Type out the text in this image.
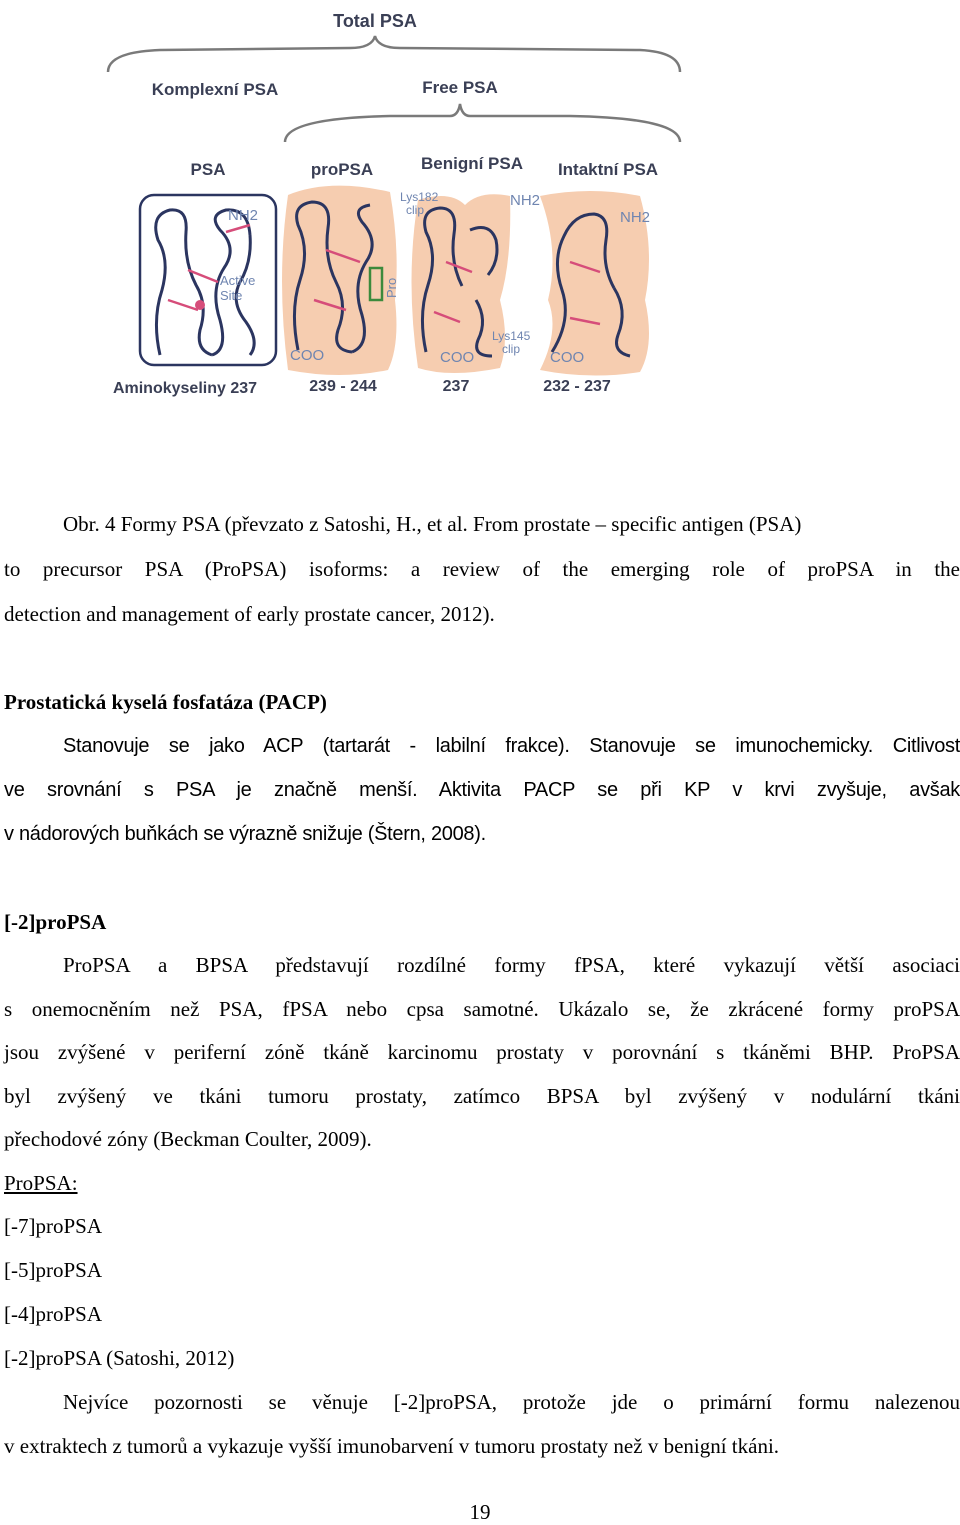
Total PSA
Komplexní PSA	Free PSA
PSA	proPSA	Benigní PSA Intaktní PSA
Active
Site
NH2
Pro
COO
Lys182
clip
NH2
Lys145
clip
COO
NH2
COO
Aminokyseliny 237	239 - 244	237	232 - 237
Obr. 4 Formy PSA (převzato z Satoshi, H., et al. From prostate – specific antigen (PSA)
to precursor PSA (ProPSA) isoforms: a review of the emerging role of proPSA in the
detection and management of early prostate cancer, 2012).
Prostatická kyselá fosfatáza (PACP)
Stanovuje se jako ACP (tartarát - labilní frakce). Stanovuje se imunochemicky. Citlivost
ve srovnání s PSA je značně menší. Aktivita PACP se při KP v krvi zvyšuje, avšak
v nádorových buňkách se výrazně snižuje (Štern, 2008).
[-2]proPSA
ProPSA a BPSA představují rozdílné formy fPSA, které vykazují větší asociaci
s onemocněním než PSA, fPSA nebo cpsa samotné. Ukázalo se, že zkrácené formy proPSA
jsou zvýšené v periferní zóně tkáně karcinomu prostaty v porovnání s tkáněmi BHP. ProPSA
byl zvýšený ve tkáni tumoru prostaty, zatímco BPSA byl zvýšený v nodulární tkáni
přechodové zóny (Beckman Coulter, 2009).
ProPSA:
[-7]proPSA
[-5]proPSA
[-4]proPSA
[-2]proPSA (Satoshi, 2012)
Nejvíce pozornosti se věnuje [-2]proPSA, protože jde o primární formu nalezenou
v extraktech z tumorů a vykazuje vyšší imunobarvení v tumoru prostaty než v benigní tkáni.
19
